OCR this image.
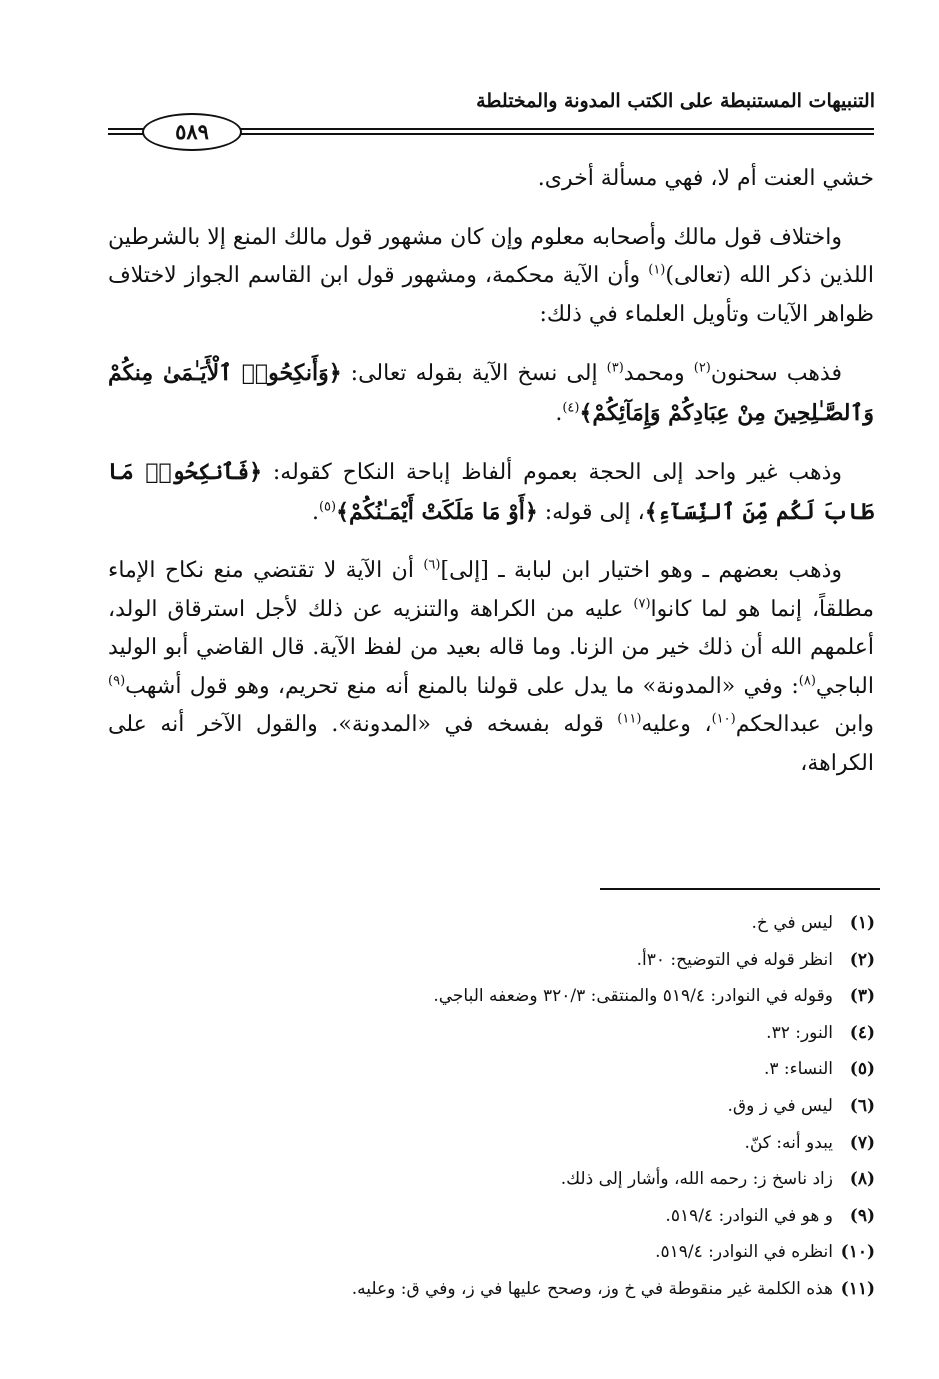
التنبيهات المستنبطة على الكتب المدونة والمختلطة
٥٨٩

خشي العنت أم لا، فهي مسألة أخرى.

واختلاف قول مالك وأصحابه معلوم وإن كان مشهور قول مالك المنع إلا بالشرطين اللذين ذكر الله (تعالى)$^{(١)}$ وأن الآية محكمة، ومشهور قول ابن القاسم الجواز لاختلاف ظواهر الآيات وتأويل العلماء في ذلك:

فذهب سحنون$^{(٢)}$ ومحمد$^{(٣)}$ إلى نسخ الآية بقوله تعالى: ﴿وَأَنكِحُوا۟ ٱلْأَيَـٰمَىٰ مِنكُمْ وَٱلصَّـٰلِحِينَ مِنْ عِبَادِكُمْ وَإِمَآئِكُمْ﴾$^{(٤)}$.

وذهب غير واحد إلى الحجة بعموم ألفاظ إباحة النكاح كقوله: ﴿فَٱنكِحُوا۟ مَا طَابَ لَكُم مِّنَ ٱلنِّسَآءِ﴾، إلى قوله: ﴿أَوْ مَا مَلَكَتْ أَيْمَـٰنُكُمْ﴾$^{(٥)}$.

وذهب بعضهم ـ وهو اختيار ابن لبابة ـ [إلى]$^{(٦)}$ أن الآية لا تقتضي منع نكاح الإماء مطلقاً، إنما هو لما كانوا$^{(٧)}$ عليه من الكراهة والتنزيه عن ذلك لأجل استرقاق الولد، أعلمهم الله أن ذلك خير من الزنا. وما قاله بعيد من لفظ الآية. قال القاضي أبو الوليد الباجي$^{(٨)}$: وفي «المدونة» ما يدل على قولنا بالمنع أنه منع تحريم، وهو قول أشهب$^{(٩)}$ وابن عبدالحكم$^{(١٠)}$، وعليه$^{(١١)}$ قوله بفسخه في «المدونة». والقول الآخر أنه على الكراهة،

(١)ليس في خ.
(٢)انظر قوله في التوضيح: ٣٠أ.
(٣)وقوله في النوادر: ٥١٩/٤ والمنتقى: ٣٢٠/٣ وضعفه الباجي.
(٤)النور: ٣٢.
(٥)النساء: ٣.
(٦)ليس في ز وق.
(٧)يبدو أنه: كنّ.
(٨)زاد ناسخ ز: رحمه الله، وأشار إلى ذلك.
(٩)و هو في النوادر: ٥١٩/٤.
(١٠)انظره في النوادر: ٥١٩/٤.
(١١)هذه الكلمة غير منقوطة في خ وز، وصحح عليها في ز، وفي ق: وعليه.
